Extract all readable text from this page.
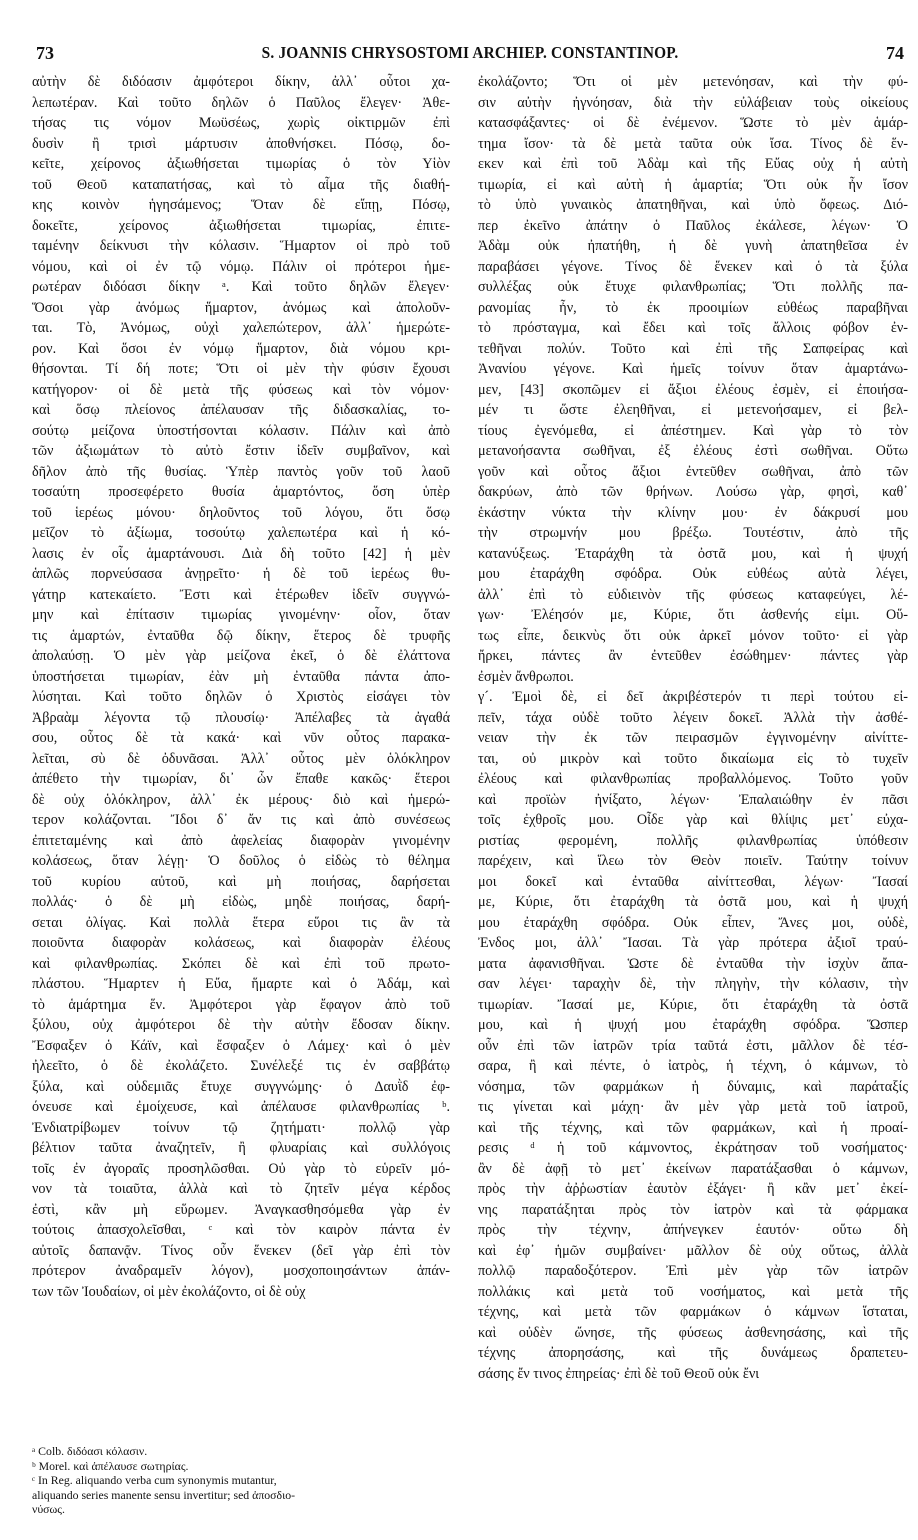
73	S. JOANNIS CHRYSOSTOMI ARCHIEP. CONSTANTINOP.	74
αὐτὴν δὲ διδόασιν ἀμφότεροι δίκην, ἀλλ᾽ οὗτοι χα-
λεπωτέραν. Καὶ τοῦτο δηλῶν ὁ Παῦλος ἔλεγεν· Ἀθε-
τήσας τις νόμον Μωϋσέως, χωρὶς οἰκτιρμῶν ἐπὶ
δυσὶν ἢ τρισὶ μάρτυσιν ἀποθνήσκει. Πόσῳ, δο-
κεῖτε, χείρονος ἀξιωθήσεται τιμωρίας ὁ τὸν Υἱὸν
τοῦ Θεοῦ καταπατήσας, καὶ τὸ αἷμα τῆς διαθή-
κης κοινὸν ἡγησάμενος; Ὅταν δὲ εἴπῃ, Πόσῳ,
δοκεῖτε, χείρονος ἀξιωθήσεται τιμωρίας, ἐπιτε-
ταμένην δείκνυσι τὴν κόλασιν. Ἥμαρτον οἱ πρὸ τοῦ
νόμου, καὶ οἱ ἐν τῷ νόμῳ. Πάλιν οἱ πρότεροι ἡμε-
ρωτέραν διδόασι δίκην ᵃ. Καὶ τοῦτο δηλῶν ἔλεγεν·
Ὅσοι γὰρ ἀνόμως ἥμαρτον, ἀνόμως καὶ ἀπολοῦν-
ται. Τὸ, Ἀνόμως, οὐχὶ χαλεπώτερον, ἀλλ᾽ ἡμερώτε-
ρον. Καὶ ὅσοι ἐν νόμῳ ἥμαρτον, διὰ νόμου κρι-
θήσονται. Τί δή ποτε; Ὅτι οἱ μὲν τὴν φύσιν ἔχουσι
κατήγορον· οἱ δὲ μετὰ τῆς φύσεως καὶ τὸν νόμον·
καὶ ὅσῳ πλείονος ἀπέλαυσαν τῆς διδασκαλίας, το-
σούτῳ μείζονα ὑποστήσονται κόλασιν. Πάλιν καὶ ἀπὸ
τῶν ἀξιωμάτων τὸ αὐτὸ ἔστιν ἰδεῖν συμβαῖνον, καὶ
δῆλον ἀπὸ τῆς θυσίας. Ὑπὲρ παντὸς γοῦν τοῦ λαοῦ
τοσαύτη προσεφέρετο θυσία ἁμαρτόντος, ὅση ὑπὲρ
τοῦ ἱερέως μόνου· δηλοῦντος τοῦ λόγου, ὅτι ὅσῳ
μεῖζον τὸ ἀξίωμα, τοσούτῳ χαλεπωτέρα καὶ ἡ κό-
λασις ἐν οἷς ἁμαρτάνουσι. Διὰ δὴ τοῦτο [42] ἡ μὲν
ἁπλῶς πορνεύσασα ἀνῃρεῖτο· ἡ δὲ τοῦ ἱερέως θυ-
γάτηρ κατεκαίετο. Ἔστι καὶ ἑτέρωθεν ἰδεῖν συγγνώ-
μην καὶ ἐπίτασιν τιμωρίας γινομένην· οἷον, ὅταν
τις ἁμαρτών, ἐνταῦθα δῷ δίκην, ἕτερος δὲ τρυφῆς
ἀπολαύσῃ. Ὁ μὲν γὰρ μείζονα ἐκεῖ, ὁ δὲ ἐλάττονα
ὑποστήσεται τιμωρίαν, ἐὰν μὴ ἐνταῦθα πάντα ἀπο-
λύσηται. Καὶ τοῦτο δηλῶν ὁ Χριστὸς εἰσάγει τὸν
Ἀβραὰμ λέγοντα τῷ πλουσίῳ· Ἀπέλαβες τὰ ἀγαθά
σου, οὗτος δὲ τὰ κακά· καὶ νῦν οὗτος παρακα-
λεῖται, σὺ δὲ ὀδυνᾶσαι. Ἀλλ᾽ οὗτος μὲν ὁλόκληρον
ἀπέθετο τὴν τιμωρίαν, δι᾽ ὧν ἔπαθε κακῶς· ἕτεροι
δὲ οὐχ ὁλόκληρον, ἀλλ᾽ ἐκ μέρους· διὸ καὶ ἡμερώ-
τερον κολάζονται. Ἴδοι δ᾽ ἄν τις καὶ ἀπὸ συνέσεως
ἐπιτεταμένης καὶ ἀπὸ ἀφελείας διαφορὰν γινομένην
κολάσεως, ὅταν λέγῃ· Ὁ δοῦλος ὁ εἰδὼς τὸ θέλημα
τοῦ κυρίου αὐτοῦ, καὶ μὴ ποιήσας, δαρήσεται
πολλάς· ὁ δὲ μὴ εἰδὼς, μηδὲ ποιήσας, δαρή-
σεται ὀλίγας. Καὶ πολλὰ ἕτερα εὕροι τις ἂν τὰ
ποιοῦντα διαφορὰν κολάσεως, καὶ διαφορὰν ἐλέους
καὶ φιλανθρωπίας. Σκόπει δὲ καὶ ἐπὶ τοῦ πρωτο-
πλάστου. Ἥμαρτεν ἡ Εὔα, ἥμαρτε καὶ ὁ Ἀδάμ, καὶ
τὸ ἁμάρτημα ἕν. Ἀμφότεροι γὰρ ἔφαγον ἀπὸ τοῦ
ξύλου, οὐχ ἀμφότεροι δὲ τὴν αὐτὴν ἔδοσαν δίκην.
Ἔσφαξεν ὁ Κάϊν, καὶ ἔσφαξεν ὁ Λάμεχ· καὶ ὁ μὲν
ἠλεεῖτο, ὁ δὲ ἐκολάζετο. Συνέλεξέ τις ἐν σαββάτῳ
ξύλα, καὶ οὐδεμιᾶς ἔτυχε συγγνώμης· ὁ Δαυῒδ ἐφ-
όνευσε καὶ ἐμοίχευσε, καὶ ἀπέλαυσε φιλανθρωπίας ᵇ.
Ἐνδιατρίβωμεν τοίνυν τῷ ζητήματι· πολλῷ γὰρ
βέλτιον ταῦτα ἀναζητεῖν, ἢ φλυαρίαις καὶ συλλόγοις
τοῖς ἐν ἀγοραῖς προσηλῶσθαι. Οὐ γὰρ τὸ εὑρεῖν μό-
νον τὰ τοιαῦτα, ἀλλὰ καὶ τὸ ζητεῖν μέγα κέρδος
ἐστὶ, κἂν μὴ εὕρωμεν. Ἀναγκασθησόμεθα γὰρ ἐν
τούτοις ἀπασχολεῖσθαι, ᶜ καὶ τὸν καιρὸν πάντα ἐν
αὐτοῖς δαπανᾷν. Τίνος οὖν ἕνεκεν (δεῖ γὰρ ἐπὶ τὸν
πρότερον ἀναδραμεῖν λόγον), μοσχοποιησάντων ἁπάν-
των τῶν Ἰουδαίων, οἱ μὲν ἐκολάζοντο, οἱ δὲ οὐχ
ἐκολάζοντο; Ὅτι οἱ μὲν μετενόησαν, καὶ τὴν φύ-
σιν αὐτὴν ἠγνόησαν, διὰ τὴν εὐλάβειαν τοὺς οἰκείους
κατασφάξαντες· οἱ δὲ ἐνέμενον. Ὥστε τὸ μὲν ἁμάρ-
τημα ἴσον· τὰ δὲ μετὰ ταῦτα οὐκ ἴσα. Τίνος δὲ ἕν-
εκεν καὶ ἐπὶ τοῦ Ἀδὰμ καὶ τῆς Εὔας οὐχ ἡ αὐτὴ
τιμωρία, εἰ καὶ αὐτὴ ἡ ἁμαρτία; Ὅτι οὐκ ἦν ἴσον
τὸ ὑπὸ γυναικὸς ἀπατηθῆναι, καὶ ὑπὸ ὄφεως. Διό-
περ ἐκεῖνο ἀπάτην ὁ Παῦλος ἐκάλεσε, λέγων· Ὁ
Ἀδὰμ οὐκ ἠπατήθη, ἡ δὲ γυνὴ ἀπατηθεῖσα ἐν
παραβάσει γέγονε. Τίνος δὲ ἕνεκεν καὶ ὁ τὰ ξύλα
συλλέξας οὐκ ἔτυχε φιλανθρωπίας; Ὅτι πολλῆς πα-
ρανομίας ἦν, τὸ ἐκ προοιμίων εὐθέως παραβῆναι
τὸ πρόσταγμα, καὶ ἔδει καὶ τοῖς ἄλλοις φόβον ἐν-
τεθῆναι πολύν. Τοῦτο καὶ ἐπὶ τῆς Σαπφείρας καὶ
Ἀνανίου γέγονε. Καὶ ἡμεῖς τοίνυν ὅταν ἁμαρτάνω-
μεν, [43] σκοπῶμεν εἰ ἄξιοι ἐλέους ἐσμὲν, εἰ ἐποιήσα-
μέν τι ὥστε ἐλεηθῆναι, εἰ μετενοήσαμεν, εἰ βελ-
τίους ἐγενόμεθα, εἰ ἀπέστημεν. Καὶ γὰρ τὸ τὸν
μετανοήσαντα σωθῆναι, ἐξ ἐλέους ἐστὶ σωθῆναι. Οὕτω
γοῦν καὶ οὗτος ἄξιοι ἐντεῦθεν σωθῆναι, ἀπὸ τῶν
δακρύων, ἀπὸ τῶν θρήνων. Λούσω γὰρ, φησὶ, καθ᾽
ἑκάστην νύκτα τὴν κλίνην μου· ἐν δάκρυσί μου
τὴν στρωμνήν μου βρέξω. Τουτέστιν, ἀπὸ τῆς
κατανύξεως. Ἐταράχθη τὰ ὀστᾶ μου, καὶ ἡ ψυχή
μου ἐταράχθη σφόδρα. Οὐκ εὐθέως αὐτὰ λέγει,
ἀλλ᾽ ἐπὶ τὸ εὐδιεινὸν τῆς φύσεως καταφεύγει, λέ-
γων· Ἐλέησόν με, Κύριε, ὅτι ἀσθενής εἰμι. Οὕ-
τως εἶπε, δεικνὺς ὅτι οὐκ ἀρκεῖ μόνον τοῦτο· εἰ γὰρ
ἤρκει, πάντες ἂν ἐντεῦθεν ἐσώθημεν· πάντες γὰρ
ἐσμὲν ἄνθρωποι.
γ´. Ἐμοὶ δὲ, εἰ δεῖ ἀκριβέστερόν τι περὶ τούτου εἰ-
πεῖν, τάχα οὐδὲ τοῦτο λέγειν δοκεῖ. Ἀλλὰ τὴν ἀσθέ-
νειαν τὴν ἐκ τῶν πειρασμῶν ἐγγινομένην αἰνίττε-
ται, οὐ μικρὸν καὶ τοῦτο δικαίωμα εἰς τὸ τυχεῖν
ἐλέους καὶ φιλανθρωπίας προβαλλόμενος. Τοῦτο γοῦν
καὶ προϊὼν ἠνίξατο, λέγων· Ἐπαλαιώθην ἐν πᾶσι
τοῖς ἐχθροῖς μου. Οἶδε γὰρ καὶ θλίψις μετ᾽ εὐχα-
ριστίας φερομένη, πολλῆς φιλανθρωπίας ὑπόθεσιν
παρέχειν, καὶ ἵλεω τὸν Θεὸν ποιεῖν. Ταύτην τοίνυν
μοι δοκεῖ καὶ ἐνταῦθα αἰνίττεσθαι, λέγων· Ἴασαί
με, Κύριε, ὅτι ἐταράχθη τὰ ὀστᾶ μου, καὶ ἡ ψυχή
μου ἐταράχθη σφόδρα. Οὐκ εἶπεν, Ἄνες μοι, οὐδὲ,
Ἐνδος μοι, ἀλλ᾽ Ἴασαι. Τὰ γὰρ πρότερα ἀξιοῖ τραύ-
ματα ἀφανισθῆναι. Ὡστε δὲ ἐνταῦθα τὴν ἰσχὺν ἄπα-
σαν λέγει· ταραχὴν δὲ, τὴν πληγὴν, τὴν κόλασιν, τὴν
τιμωρίαν. Ἴασαί με, Κύριε, ὅτι ἐταράχθη τὰ ὀστᾶ
μου, καὶ ἡ ψυχή μου ἐταράχθη σφόδρα. Ὥσπερ
οὖν ἐπὶ τῶν ἰατρῶν τρία ταῦτά ἐστι, μᾶλλον δὲ τέσ-
σαρα, ἢ καὶ πέντε, ὁ ἰατρὸς, ἡ τέχνη, ὁ κάμνων, τὸ
νόσημα, τῶν φαρμάκων ἡ δύναμις, καὶ παράταξίς
τις γίνεται καὶ μάχη· ἂν μὲν γὰρ μετὰ τοῦ ἰατροῦ,
καὶ τῆς τέχνης, καὶ τῶν φαρμάκων, καὶ ἡ προαί-
ρεσις ᵈ ἡ τοῦ κάμνοντος, ἐκράτησαν τοῦ νοσήματος·
ἂν δὲ ἀφῇ τὸ μετ᾽ ἐκείνων παρατάξασθαι ὁ κάμνων,
πρὸς τὴν ἀῤῥωστίαν ἑαυτὸν ἐξάγει· ἢ κἂν μετ᾽ ἐκεί-
νης παρατάξηται πρὸς τὸν ἰατρὸν καὶ τὰ φάρμακα
πρὸς τὴν τέχνην, ἀπήνεγκεν ἑαυτόν· οὕτω δὴ
καὶ ἐφ᾽ ἡμῶν συμβαίνει· μᾶλλον δὲ οὐχ οὕτως, ἀλλὰ
πολλῷ παραδοξότερον. Ἐπὶ μὲν γὰρ τῶν ἰατρῶν
πολλάκις καὶ μετὰ τοῦ νοσήματος, καὶ μετὰ τῆς
τέχνης, καὶ μετὰ τῶν φαρμάκων ὁ κάμνων ἵσταται,
καὶ οὐδὲν ὤνησε, τῆς φύσεως ἀσθενησάσης, καὶ τῆς
τέχνης ἀπορησάσης, καὶ τῆς δυνάμεως δραπετευ-
σάσης ἔν τινος ἐπηρείας· ἐπὶ δὲ τοῦ Θεοῦ οὐκ ἔνι
ᵃ Colb. διδόασι κόλασιν.
ᵇ Morel. καὶ ἀπέλαυσε σωτηρίας.
ᶜ In Reg. aliquando verba cum synonymis mutantur,
aliquando series manente sensu invertitur; sed ἀποσδιο-
νύσως.
